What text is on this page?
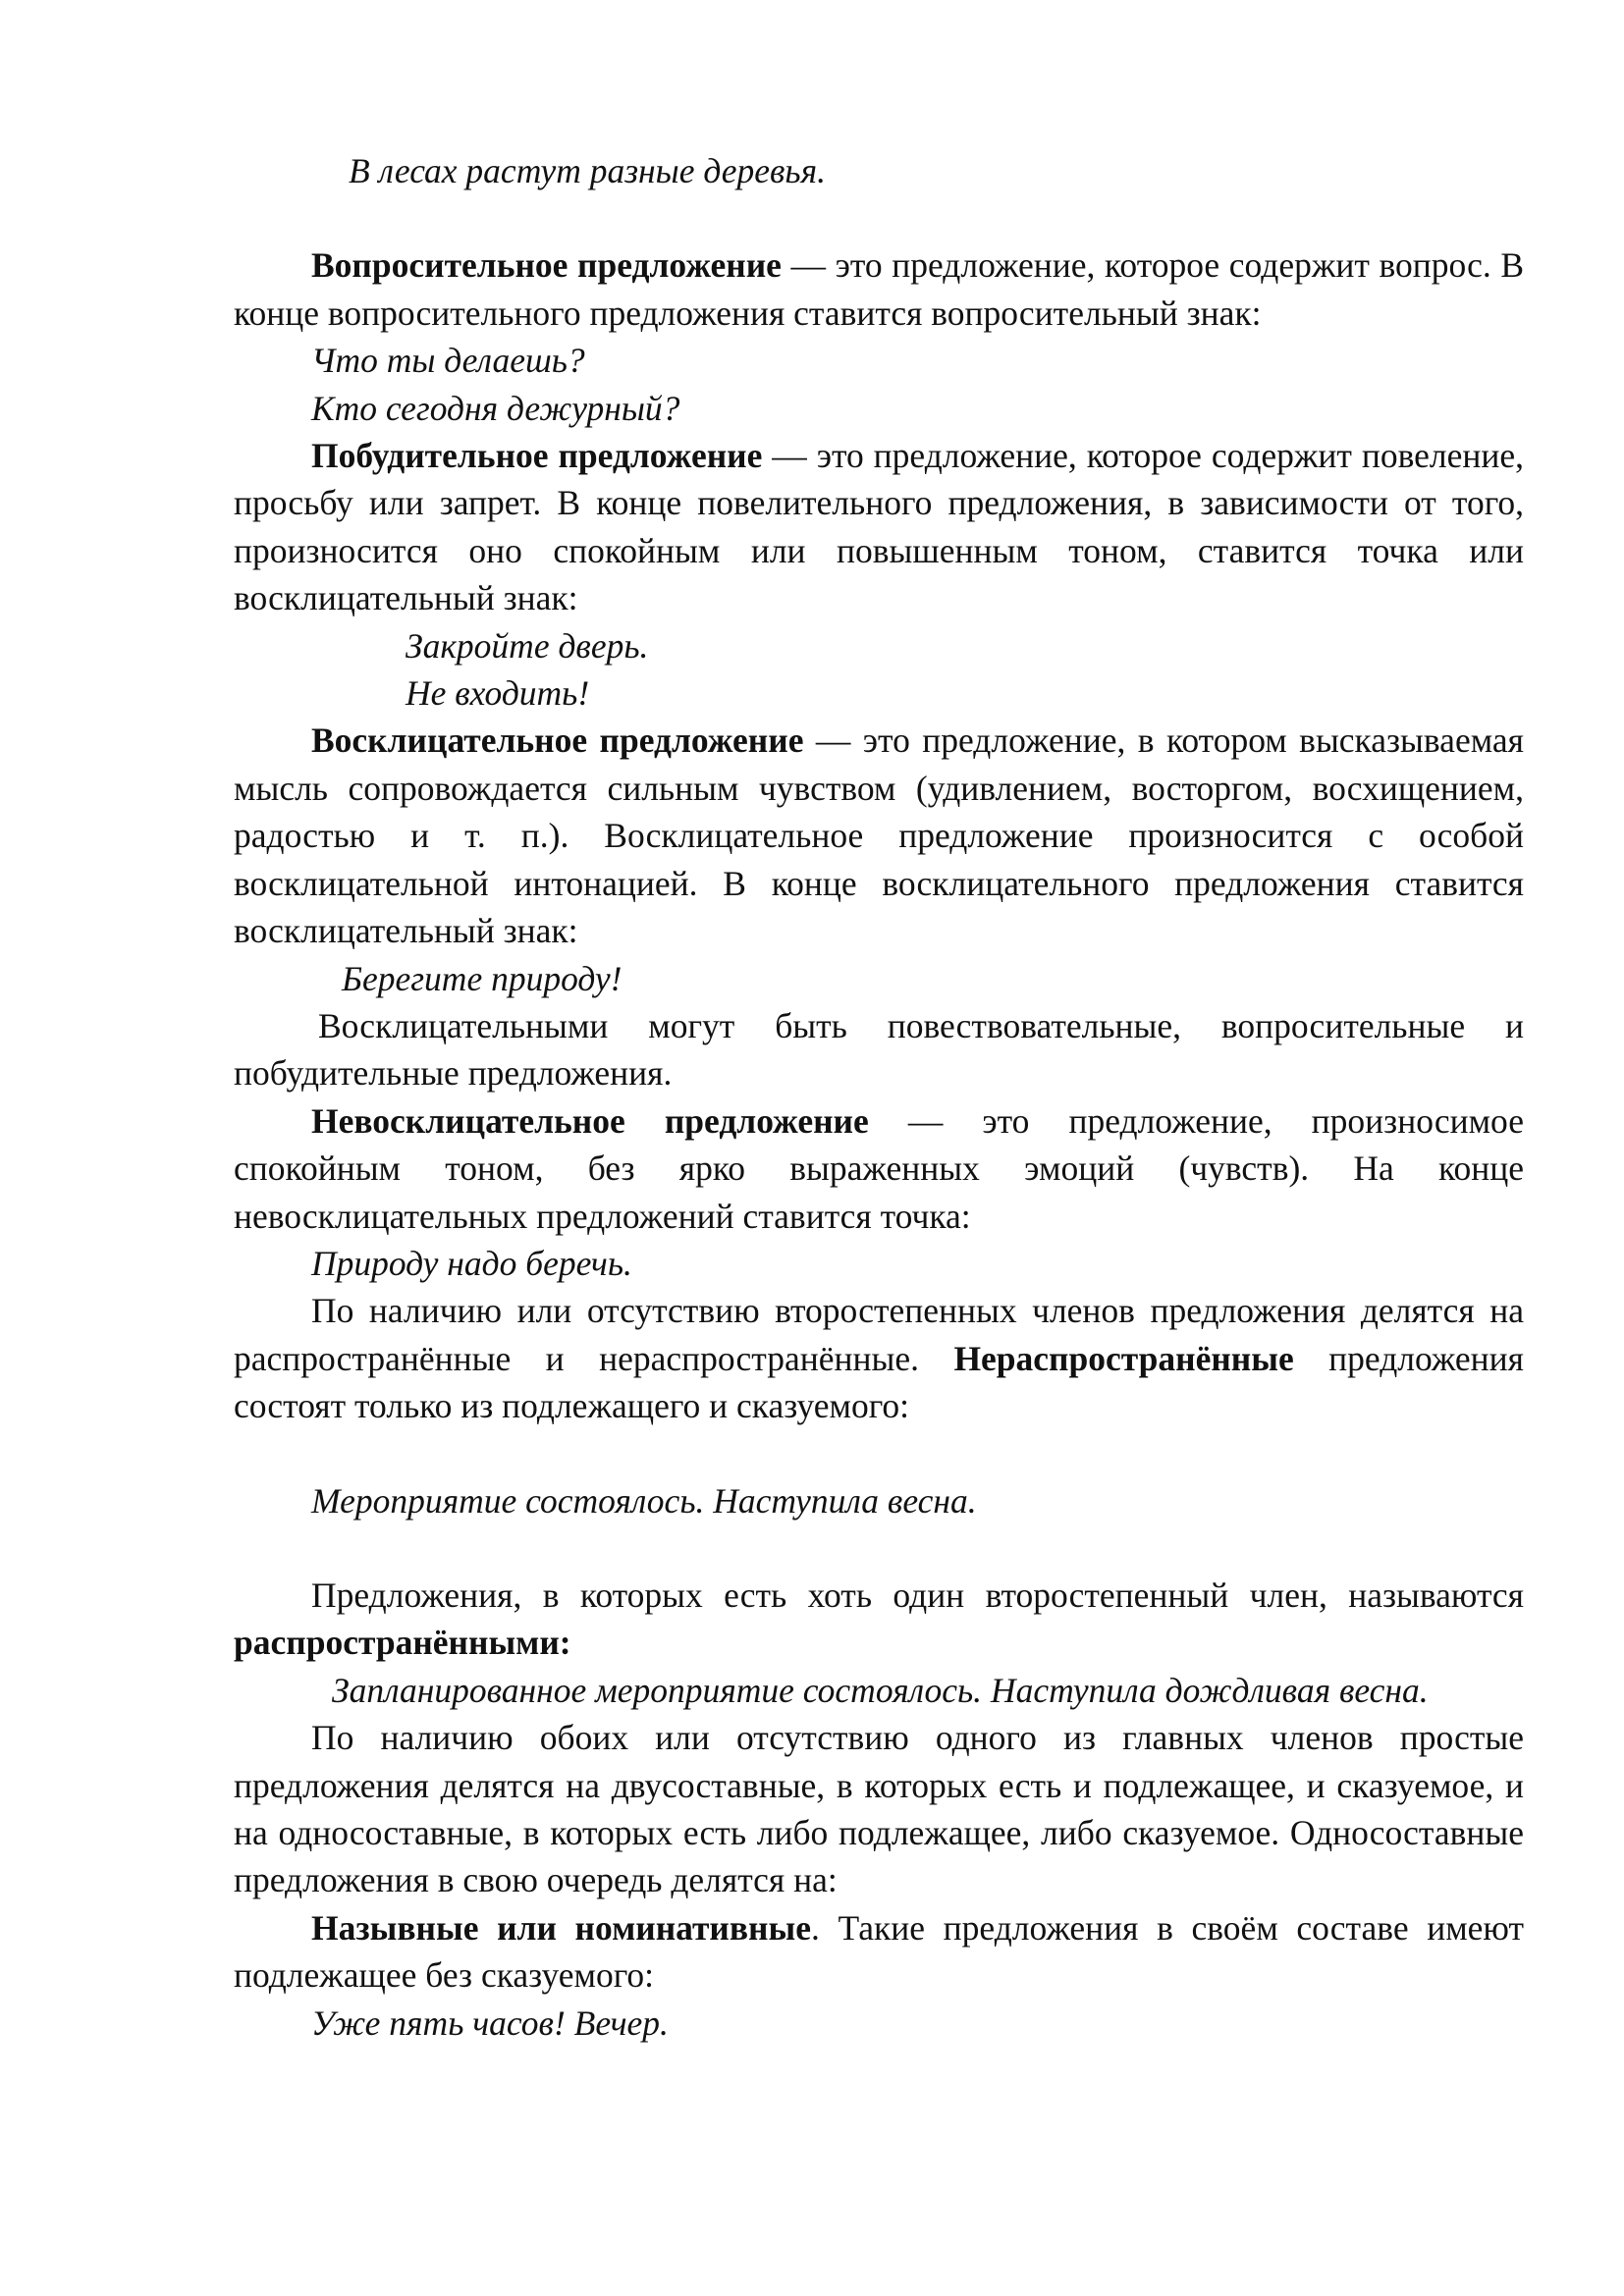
В лесах растут разные деревья.

Вопросительное предложение — это предложение, которое содержит вопрос. В конце вопросительного предложения ставится вопросительный знак:

Что ты делаешь?

Кто сегодня дежурный?

Побудительное предложение — это предложение, которое содержит повеление, просьбу или запрет. В конце повелительного предложения, в зависимости от того, произносится оно спокойным или повышенным тоном, ставится точка или восклицательный знак:

Закройте дверь.

Не входить!

Восклицательное предложение — это предложение, в котором высказываемая мысль сопровождается сильным чувством (удивлением, восторгом, восхищением, радостью и т. п.). Восклицательное предложение произносится с особой восклицательной интонацией. В конце восклицательного предложения ставится восклицательный знак:

Берегите природу!

Восклицательными могут быть повествовательные, вопросительные и побудительные предложения.

Невосклицательное предложение — это предложение, произносимое спокойным тоном, без ярко выраженных эмоций (чувств). На конце невосклицательных предложений ставится точка:

Природу надо беречь.

По наличию или отсутствию второстепенных членов предложения делятся на распространённые и нераспространённые. Нераспространённые предложения состоят только из подлежащего и сказуемого:

Мероприятие состоялось. Наступила весна.

Предложения, в которых есть хоть один второстепенный член, называются распространёнными:

Запланированное мероприятие состоялось. Наступила дождливая весна.

По наличию обоих или отсутствию одного из главных членов простые предложения делятся на двусоставные, в которых есть и подлежащее, и сказуемое, и на односоставные, в которых есть либо подлежащее, либо сказуемое. Односоставные предложения в свою очередь делятся на:

Назывные или номинативные. Такие предложения в своём составе имеют подлежащее без сказуемого:

Уже пять часов! Вечер.
